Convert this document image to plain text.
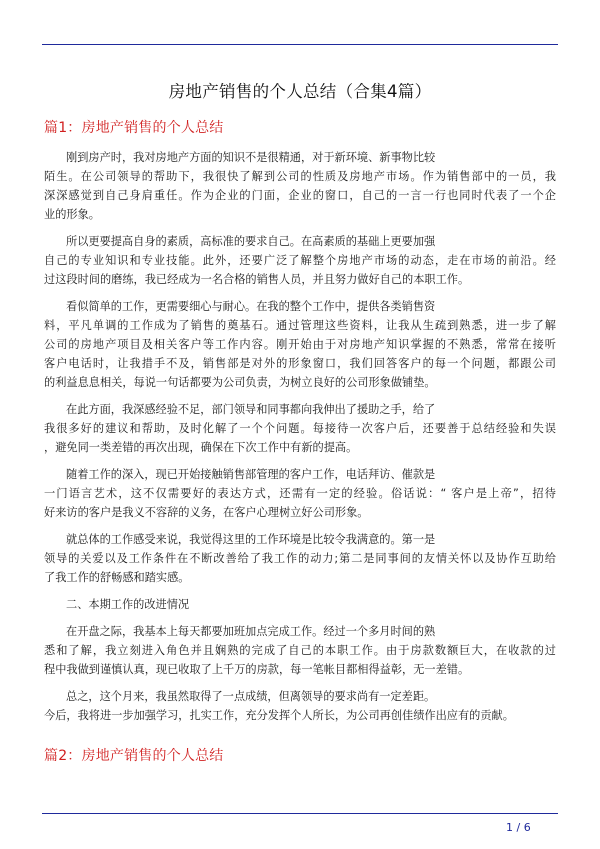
房地产销售的个人总结（合集4篇）
篇1：房地产销售的个人总结
刚到房产时，我对房地产方面的知识不是很精通，对于新环境、新事物比较
陌生。在公司领导的帮助下，我很快了解到公司的性质及房地产市场。作为销售部中的一员，我
深深感觉到自己身肩重任。作为企业的门面，企业的窗口，自己的一言一行也同时代表了一个企
业的形象。
所以更要提高自身的素质，高标准的要求自己。在高素质的基础上更要加强
自己的专业知识和专业技能。此外，还要广泛了解整个房地产市场的动态，走在市场的前沿。经
过这段时间的磨练，我已经成为一名合格的销售人员，并且努力做好自己的本职工作。
看似简单的工作，更需要细心与耐心。在我的整个工作中，提供各类销售资
料，平凡单调的工作成为了销售的奠基石。通过管理这些资料，让我从生疏到熟悉，进一步了解
公司的房地产项目及相关客户等工作内容。刚开始由于对房地产知识掌握的不熟悉，常常在接听
客户电话时，让我措手不及，销售部是对外的形象窗口，我们回答客户的每一个问题，都跟公司
的利益息息相关，每说一句话都要为公司负责，为树立良好的公司形象做铺垫。
在此方面，我深感经验不足，部门领导和同事都向我伸出了援助之手，给了
我很多好的建议和帮助，及时化解了一个个问题。每接待一次客户后，还要善于总结经验和失误
，避免同一类差错的再次出现，确保在下次工作中有新的提高。
随着工作的深入，现已开始接触销售部管理的客户工作，电话拜访、催款是
一门语言艺术，这不仅需要好的表达方式，还需有一定的经验。俗话说：“ 客户是上帝”，招待
好来访的客户是我义不容辞的义务，在客户心理树立好公司形象。
就总体的工作感受来说，我觉得这里的工作环境是比较令我满意的。第一是
领导的关爱以及工作条件在不断改善给了我工作的动力;第二是同事间的友情关怀以及协作互助给
了我工作的舒畅感和踏实感。
二、本期工作的改进情况
在开盘之际，我基本上每天都要加班加点完成工作。经过一个多月时间的熟
悉和了解，我立刻进入角色并且娴熟的完成了自己的本职工作。由于房款数额巨大，在收款的过
程中我做到谨慎认真，现已收取了上千万的房款，每一笔帐目都相得益彰，无一差错。
总之，这个月来，我虽然取得了一点成绩，但离领导的要求尚有一定差距。
今后，我将进一步加强学习，扎实工作，充分发挥个人所长，为公司再创佳绩作出应有的贡献。
篇2：房地产销售的个人总结
1 / 6
